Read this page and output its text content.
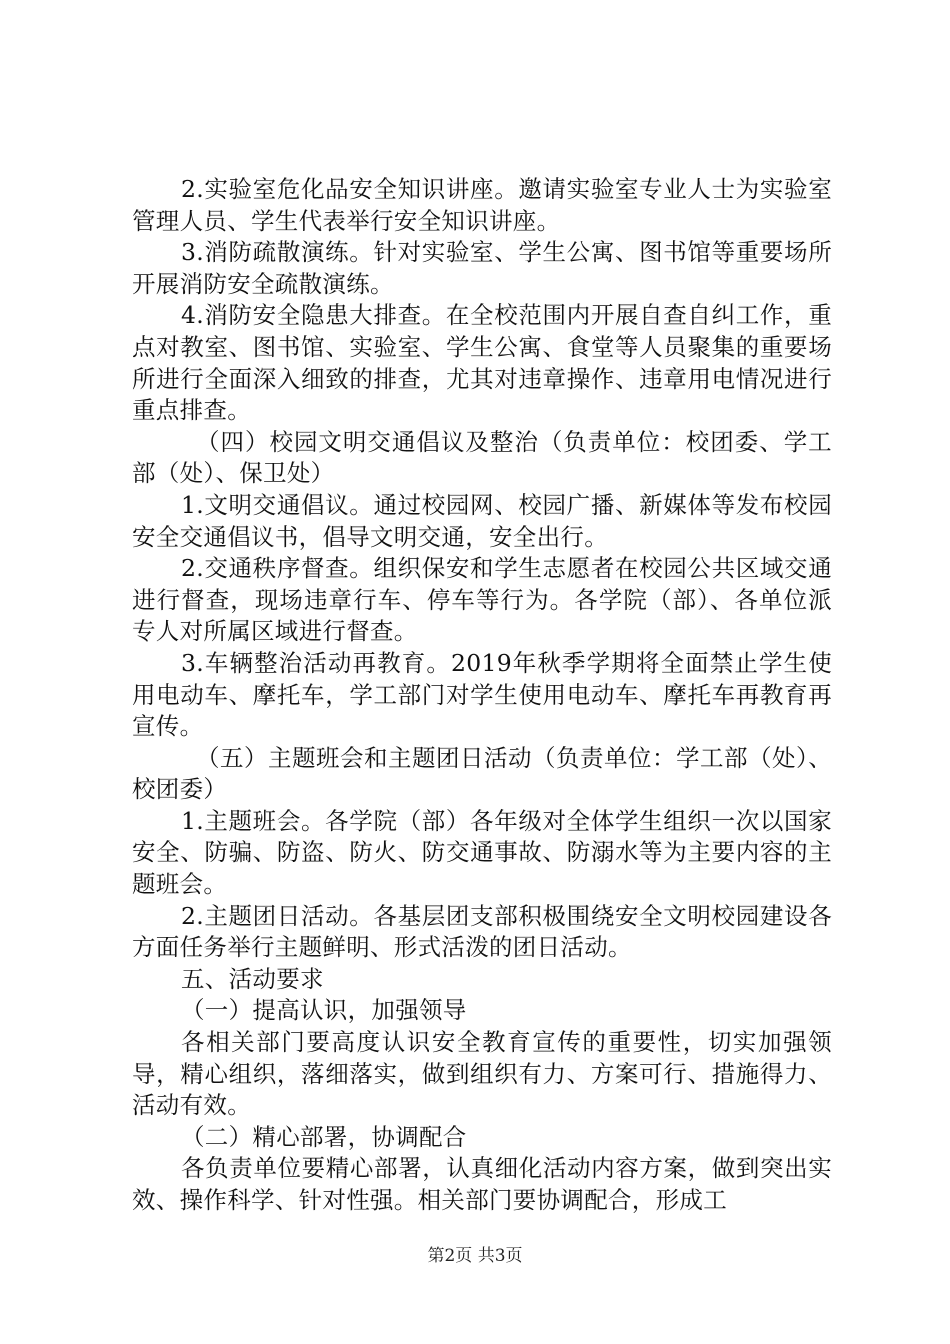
2.实验室危化品安全知识讲座。邀请实验室专业人士为实验室管理人员、学生代表举行安全知识讲座。

3.消防疏散演练。针对实验室、学生公寓、图书馆等重要场所开展消防安全疏散演练。

4.消防安全隐患大排查。在全校范围内开展自查自纠工作，重点对教室、图书馆、实验室、学生公寓、食堂等人员聚集的重要场所进行全面深入细致的排查，尤其对违章操作、违章用电情况进行重点排查。

（四）校园文明交通倡议及整治（负责单位：校团委、学工部（处）、保卫处）

1.文明交通倡议。通过校园网、校园广播、新媒体等发布校园安全交通倡议书，倡导文明交通，安全出行。

2.交通秩序督查。组织保安和学生志愿者在校园公共区域交通进行督查，现场违章行车、停车等行为。各学院（部）、各单位派专人对所属区域进行督查。

3.车辆整治活动再教育。2019年秋季学期将全面禁止学生使用电动车、摩托车，学工部门对学生使用电动车、摩托车再教育再宣传。

（五）主题班会和主题团日活动（负责单位：学工部（处）、校团委）

1.主题班会。各学院（部）各年级对全体学生组织一次以国家安全、防骗、防盗、防火、防交通事故、防溺水等为主要内容的主题班会。

2.主题团日活动。各基层团支部积极围绕安全文明校园建设各方面任务举行主题鲜明、形式活泼的团日活动。

五、活动要求

（一）提高认识，加强领导

各相关部门要高度认识安全教育宣传的重要性，切实加强领导，精心组织，落细落实，做到组织有力、方案可行、措施得力、活动有效。

（二）精心部署，协调配合

各负责单位要精心部署，认真细化活动内容方案，做到突出实效、操作科学、针对性强。相关部门要协调配合，形成工

第2页 共3页
